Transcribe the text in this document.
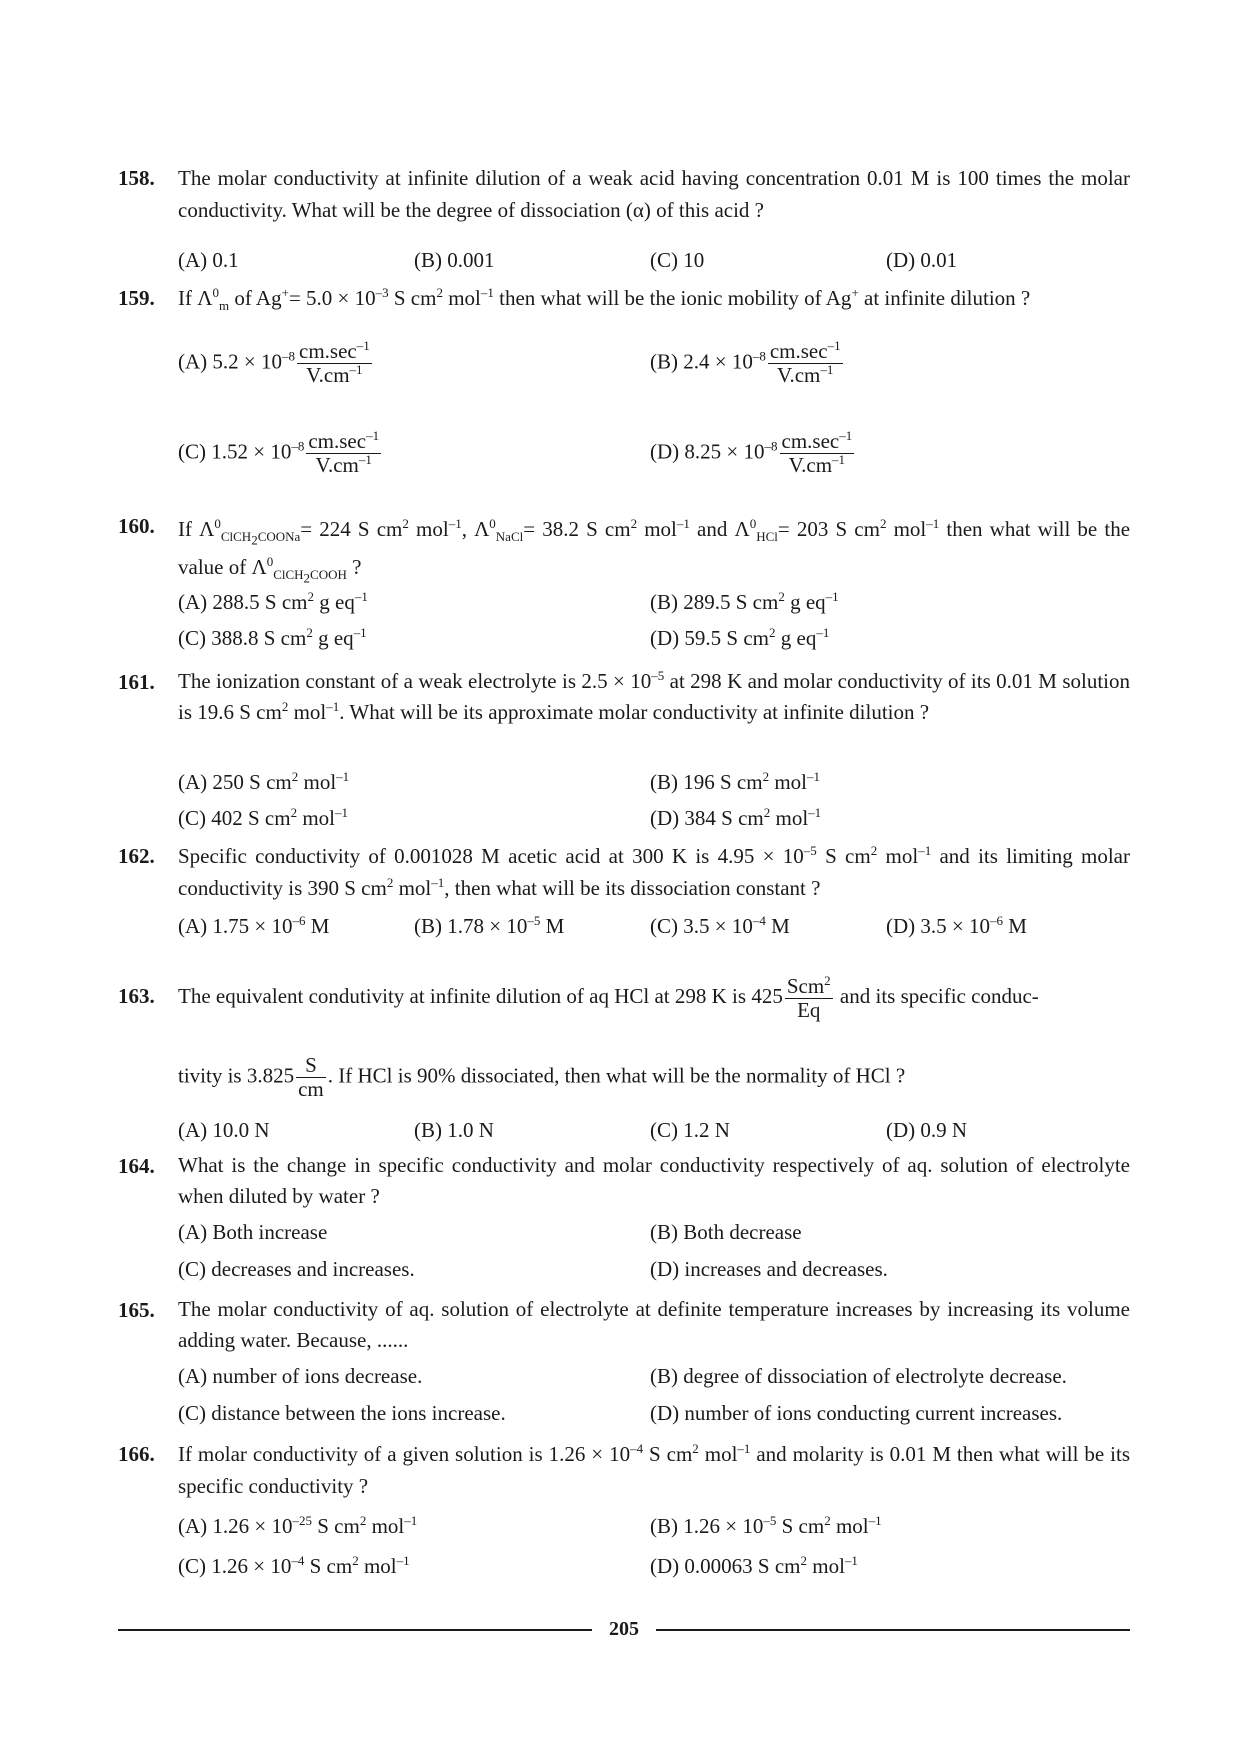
158.	The molar conductivity at infinite dilution of a weak acid having concentration 0.01 M is 100 times the molar conductivity. What will be the degree of dissociation (α) of this acid ?
(A) 0.1	(B) 0.001	(C) 10	(D) 0.01
159.	If $\Lambda^0_m$ of $Ag^+= 5.0 \times 10^{-3}$ S $cm^2$ mol$^{-1}$ then what will be the ionic mobility of Ag+ at infinite dilution ?
(A) $5.2 \times 10^{-8} \frac{cm.\sec^{-1}}{V.cm^{-1}}$	(B) $2.4 \times 10^{-8} \frac{cm.\sec^{-1}}{V.cm^{-1}}$
(C) $1.52 \times 10^{-8} \frac{cm.\sec^{-1}}{V.cm^{-1}}$	(D) $8.25 \times 10^{-8} \frac{cm.\sec^{-1}}{V.cm^{-1}}$
160.	If $\Lambda^0_{ClCH_2COONa}= 224$ S $cm^2$ mol$^{-1}$, $\Lambda^0_{NaCl}= 38.2$ S $cm^2$ mol$^{-1}$ and $\Lambda^0_{HCl}= 203$ S $cm^2$ mol$^{-1}$ then what will be the value of $\Lambda^0_{ClCH_2COOH}$ ?
(A) 288.5 S $cm^2$ g $eq^{-1}$	(B) 289.5 S $cm^2$ g $eq^{-1}$
(C) 388.8 S $cm^2$ g $eq^{-1}$	(D) 59.5 S $cm^2$ g $eq^{-1}$
161.	The ionization constant of a weak electrolyte is $2.5 \times 10^{-5}$ at 298 K and molar conductivity of its 0.01 M solution is 19.6 S $cm^2$ mol$^{-1}$. What will be its approximate molar conductivity at infinite dilution ?
(A) 250 S $cm^2$ mol$^{-1}$	(B) 196 S $cm^2$ mol$^{-1}$
(C) 402 S $cm^2$ mol$^{-1}$	(D) 384 S $cm^2$ mol$^{-1}$
162.	Specific conductivity of 0.001028 M acetic acid at 300 K is $4.95 \times 10^{-5}$ S $cm^2$ mol$^{-1}$ and its limiting molar conductivity is 390 S $cm^2$ mol$^{-1}$, then what will be its dissociation constant ?
(A) $1.75 \times 10^{-6}$ M	(B) $1.78 \times 10^{-5}$ M	(C) $3.5 \times 10^{-4}$ M	(D) $3.5 \times 10^{-6}$ M
163.	The equivalent condutivity at infinite dilution of aq HCl at 298 K is $425 \frac{Scm^2}{Eq}$ and its specific conduc-
tivity is $3.825 \frac{S}{cm}$ . If HCl is 90% dissociated, then what will be the normality of HCl ?
(A) 10.0 N	(B) 1.0 N	(C) 1.2 N	(D) 0.9 N
164.	What is the change in specific conductivity and molar conductivity respectively of aq. solution of electrolyte when diluted by water ?
(A) Both increase	(B) Both decrease
(C) decreases and increases.	(D) increases and decreases.
165.	The molar conductivity of aq. solution of electrolyte at definite temperature increases by increasing its volume adding water. Because, ......
(A) number of ions decrease.	(B) degree of dissociation of electrolyte decrease.
(C) distance between the ions increase.	(D) number of ions conducting current increases.
166.	If molar conductivity of a given solution is $1.26 \times 10^{-4}$ S $cm^2$ mol$^{-1}$ and molarity is 0.01 M then what will be its specific conductivity ?
(A) $1.26 \times 10^{-25}$ S $cm^2$ mol$^{-1}$	(B) $1.26 \times 10^{-5}$ S $cm^2$ mol$^{-1}$
(C) $1.26 \times 10^{-4}$ S $cm^2$ mol$^{-1}$	(D) 0.00063 S $cm^2$ mol$^{-1}$
205
